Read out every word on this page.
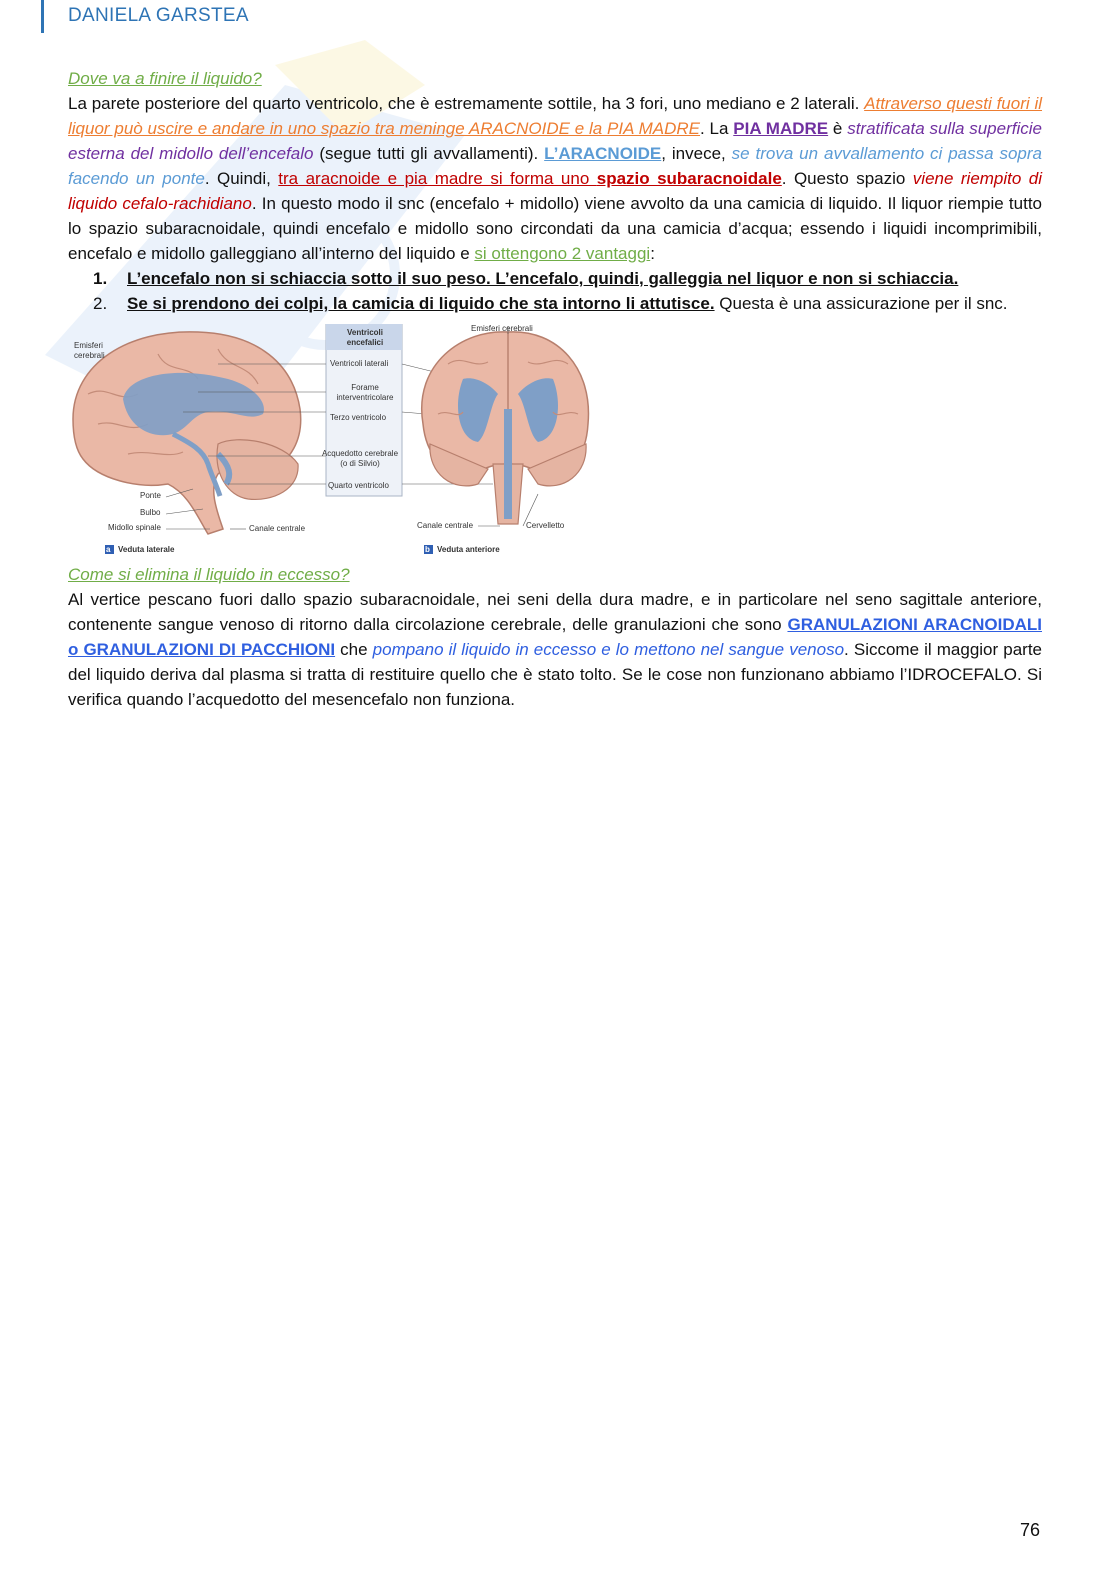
DANIELA GARSTEA

Dove va a finire il liquido?

La parete posteriore del quarto ventricolo, che è estremamente sottile, ha 3 fori, uno mediano e 2 laterali. Attraverso questi fuori il liquor può uscire e andare in uno spazio tra meninge ARACNOIDE e la PIA MADRE. La PIA MADRE è stratificata sulla superficie esterna del midollo dell’encefalo (segue tutti gli avvallamenti). L’ARACNOIDE, invece, se trova un avvallamento ci passa sopra facendo un ponte. Quindi, tra aracnoide e pia madre si forma uno spazio subaracnoidale. Questo spazio viene riempito di liquido cefalo-rachidiano. In questo modo il snc (encefalo + midollo) viene avvolto da una camicia di liquido. Il liquor riempie tutto lo spazio subaracnoidale, quindi encefalo e midollo sono circondati da una camicia d’acqua; essendo i liquidi incomprimibili, encefalo e midollo galleggiano all’interno del liquido e si ottengono 2 vantaggi:

1. L’encefalo non si schiaccia sotto il suo peso. L’encefalo, quindi, galleggia nel liquor e non si schiaccia.

2. Se si prendono dei colpi, la camicia di liquido che sta intorno li attutisce. Questa è una assicurazione per il snc.

Emisferi cerebrali
Ventricoli encefalici
Ventricoli laterali
Forame interventricolare
Terzo ventricolo
Acquedotto cerebrale (o di Silvio)
Quarto ventricolo
Emisferi cerebrali
Ponte
Bulbo
Midollo spinale	Canale centrale	Canale centrale	Cervelletto
a Veduta laterale	b Veduta anteriore

Come si elimina il liquido in eccesso?

Al vertice pescano fuori dallo spazio subaracnoidale, nei seni della dura madre, e in particolare nel seno sagittale anteriore, contenente sangue venoso di ritorno dalla circolazione cerebrale, delle granulazioni che sono GRANULAZIONI ARACNOIDALI o GRANULAZIONI DI PACCHIONI che pompano il liquido in eccesso e lo mettono nel sangue venoso. Siccome il maggior parte del liquido deriva dal plasma si tratta di restituire quello che è stato tolto. Se le cose non funzionano abbiamo l’IDROCEFALO. Si verifica quando l’acquedotto del mesencefalo non funziona.

76
